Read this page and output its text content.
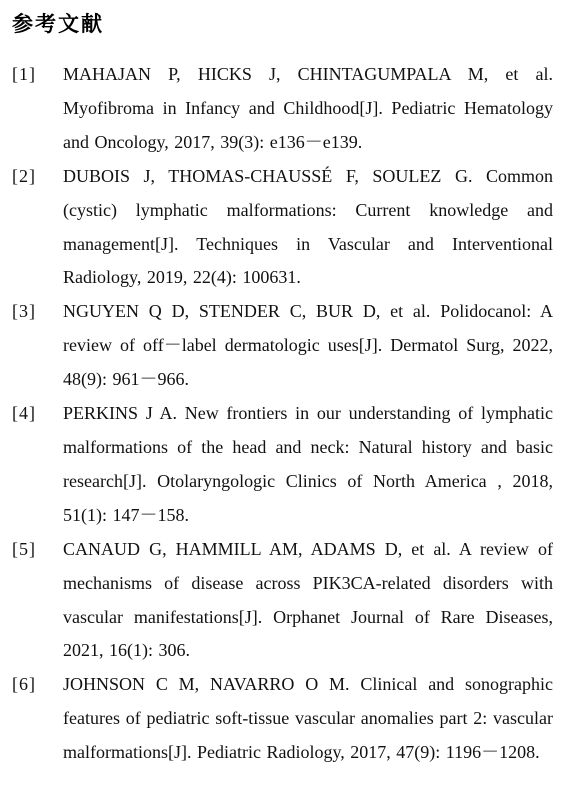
参考文献
[1] MAHAJAN P, HICKS J, CHINTAGUMPALA M, et al. Myofibroma in Infancy and Childhood[J]. Pediatric Hematology and Oncology, 2017, 39(3): e136－e139.
[2] DUBOIS J, THOMAS-CHAUSSÉ F, SOULEZ G. Common (cystic) lymphatic malformations: Current knowledge and management[J]. Techniques in Vascular and Interventional Radiology, 2019, 22(4): 100631.
[3] NGUYEN Q D, STENDER C, BUR D, et al. Polidocanol: A review of off－label dermatologic uses[J]. Dermatol Surg, 2022, 48(9): 961－966.
[4] PERKINS J A. New frontiers in our understanding of lymphatic malformations of the head and neck: Natural history and basic research[J]. Otolaryngologic Clinics of North America , 2018, 51(1): 147－158.
[5] CANAUD G, HAMMILL AM, ADAMS D, et al. A review of mechanisms of disease across PIK3CA-related disorders with vascular manifestations[J]. Orphanet Journal of Rare Diseases, 2021, 16(1): 306.
[6] JOHNSON C M, NAVARRO O M. Clinical and sonographic features of pediatric soft-tissue vascular anomalies part 2: vascular malformations[J]. Pediatric Radiology, 2017, 47(9): 1196－1208.
